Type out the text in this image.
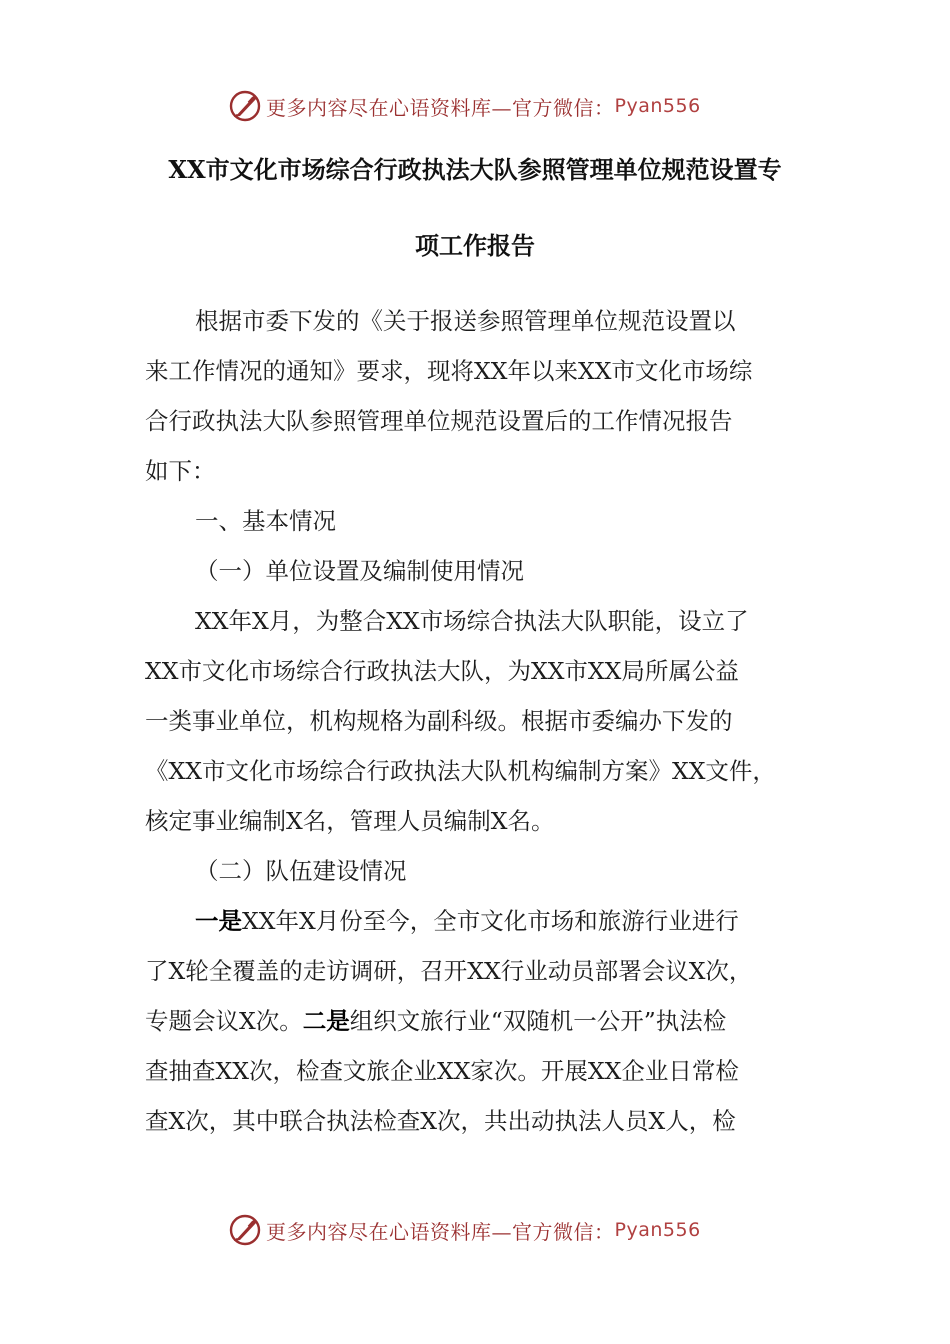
更多内容尽在心语资料库—官方微信： Pyan556
XX市文化市场综合行政执法大队参照管理单位规范设置专
项工作报告
根据市委下发的《关于报送参照管理单位规范设置以
来工作情况的通知》要求，现将XX年以来XX市文化市场综
合行政执法大队参照管理单位规范设置后的工作情况报告
如下：
一、基本情况
（一）单位设置及编制使用情况
XX年X月，为整合XX市场综合执法大队职能，设立了
XX市文化市场综合行政执法大队，为XX市XX局所属公益
一类事业单位，机构规格为副科级。根据市委编办下发的
《XX市文化市场综合行政执法大队机构编制方案》XX文件，
核定事业编制X名，管理人员编制X名。
（二）队伍建设情况
一是XX年X月份至今，全市文化市场和旅游行业进行
了X轮全覆盖的走访调研，召开XX行业动员部署会议X次，
专题会议X次。二是组织文旅行业“双随机一公开”执法检
查抽查XX次，检查文旅企业XX家次。开展XX企业日常检
查X次，其中联合执法检查X次，共出动执法人员X人，检
更多内容尽在心语资料库—官方微信： Pyan556
